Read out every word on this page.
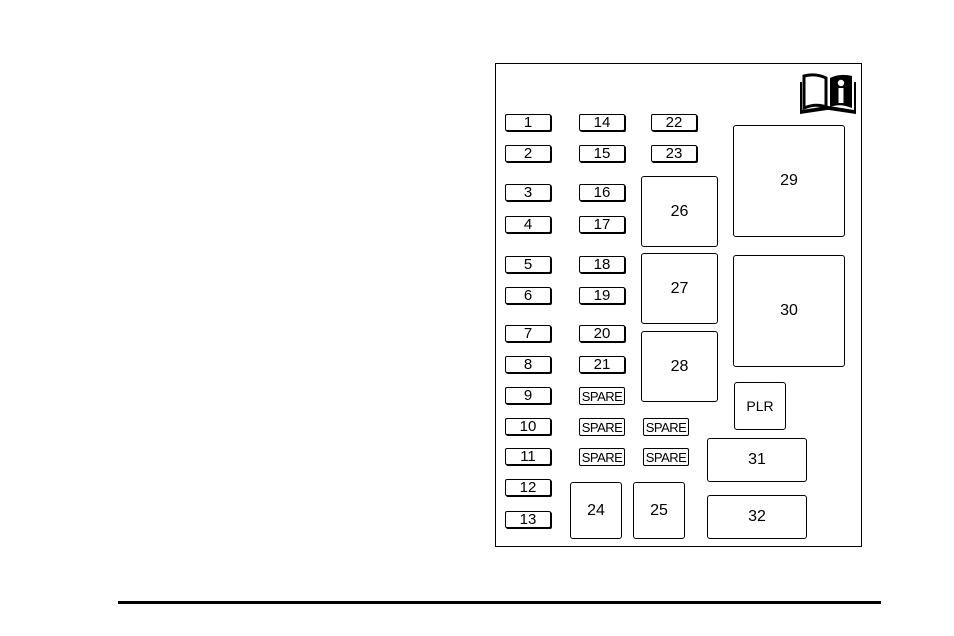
1
2
3
4
5
6
7
8
9
10
11
12
13
14
15
16
17
18
19
20
21
SPARE
SPARE
SPARE
22
23
SPARE
SPARE
26
27
28
29
30
PLR
31
32
24	25
